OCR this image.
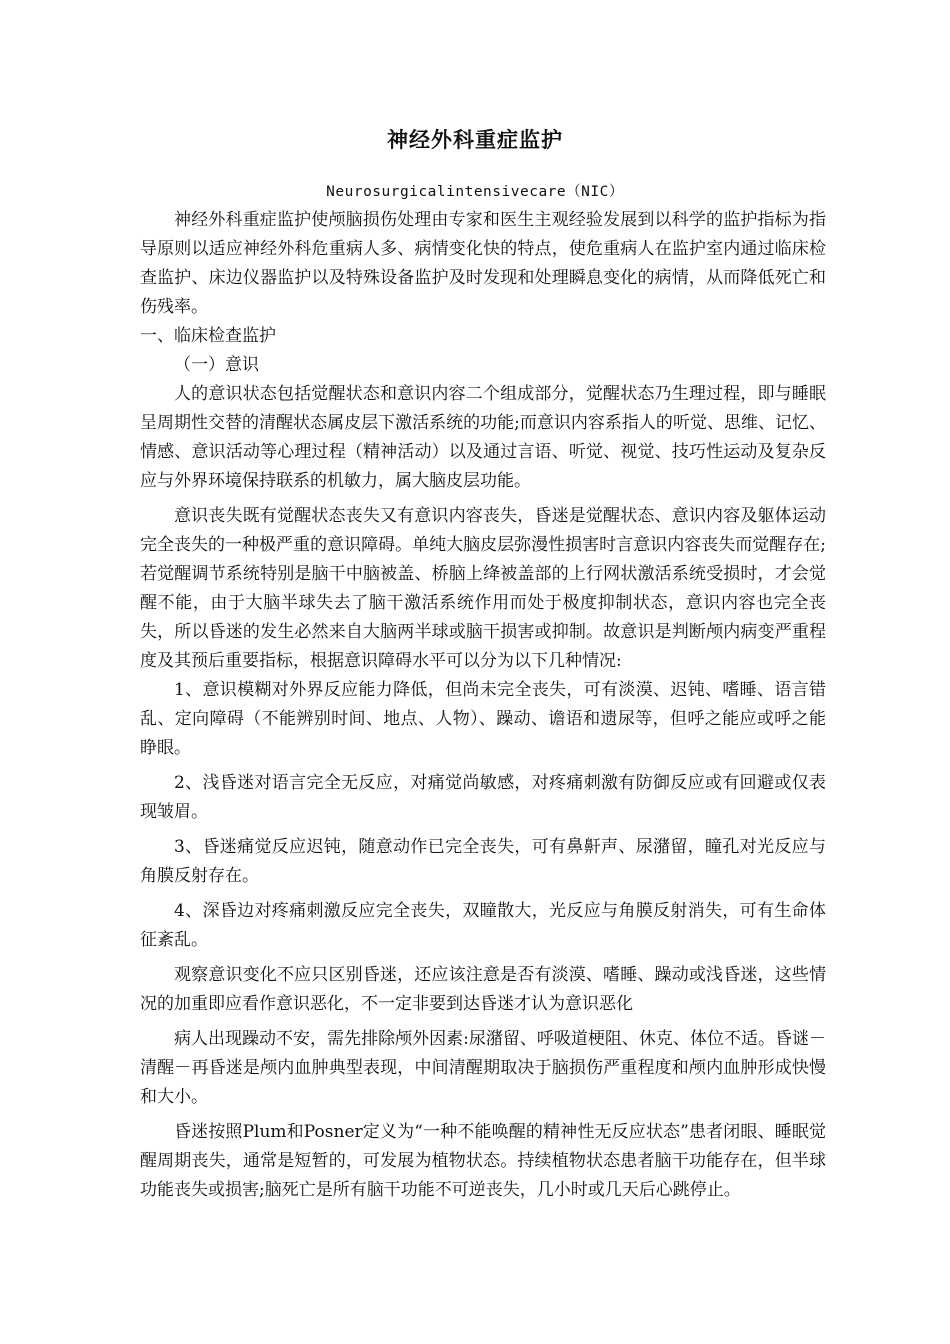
神经外科重症监护
Neurosurgicalintensivecare（NIC）

神经外科重症监护使颅脑损伤处理由专家和医生主观经验发展到以科学的监护指标为指导原则以适应神经外科危重病人多、病情变化快的特点，使危重病人在监护室内通过临床检查监护、床边仪器监护以及特殊设备监护及时发现和处理瞬息变化的病情，从而降低死亡和伤残率。

一、临床检查监护

（一）意识

人的意识状态包括觉醒状态和意识内容二个组成部分，觉醒状态乃生理过程，即与睡眠呈周期性交替的清醒状态属皮层下激活系统的功能;而意识内容系指人的听觉、思维、记忆、情感、意识活动等心理过程（精神活动）以及通过言语、听觉、视觉、技巧性运动及复杂反应与外界环境保持联系的机敏力，属大脑皮层功能。

意识丧失既有觉醒状态丧失又有意识内容丧失，昏迷是觉醒状态、意识内容及躯体运动完全丧失的一种极严重的意识障碍。单纯大脑皮层弥漫性损害时言意识内容丧失而觉醒存在;若觉醒调节系统特别是脑干中脑被盖、桥脑上绛被盖部的上行网状激活系统受损时，才会觉醒不能，由于大脑半球失去了脑干激活系统作用而处于极度抑制状态，意识内容也完全丧失，所以昏迷的发生必然来自大脑两半球或脑干损害或抑制。故意识是判断颅内病变严重程度及其预后重要指标，根据意识障碍水平可以分为以下几种情况:

1、意识模糊对外界反应能力降低，但尚未完全丧失，可有淡漠、迟钝、嗜睡、语言错乱、定向障碍（不能辨别时间、地点、人物）、躁动、谵语和遗尿等，但呼之能应或呼之能睁眼。

2、浅昏迷对语言完全无反应，对痛觉尚敏感，对疼痛刺激有防御反应或有回避或仅表现皱眉。

3、昏迷痛觉反应迟钝，随意动作已完全丧失，可有鼻鼾声、尿潴留，瞳孔对光反应与角膜反射存在。

4、深昏边对疼痛刺激反应完全丧失，双瞳散大，光反应与角膜反射消失，可有生命体征紊乱。

观察意识变化不应只区别昏迷，还应该注意是否有淡漠、嗜睡、躁动或浅昏迷，这些情况的加重即应看作意识恶化，不一定非要到达昏迷才认为意识恶化

病人出现躁动不安，需先排除颅外因素:尿潴留、呼吸道梗阻、休克、体位不适。昏谜－清醒－再昏迷是颅内血肿典型表现，中间清醒期取决于脑损伤严重程度和颅内血肿形成快慢和大小。

昏迷按照Plum和Posner定义为“一种不能唤醒的精神性无反应状态”患者闭眼、睡眠觉醒周期丧失，通常是短暂的，可发展为植物状态。持续植物状态患者脑干功能存在，但半球功能丧失或损害;脑死亡是所有脑干功能不可逆丧失，几小时或几天后心跳停止。
